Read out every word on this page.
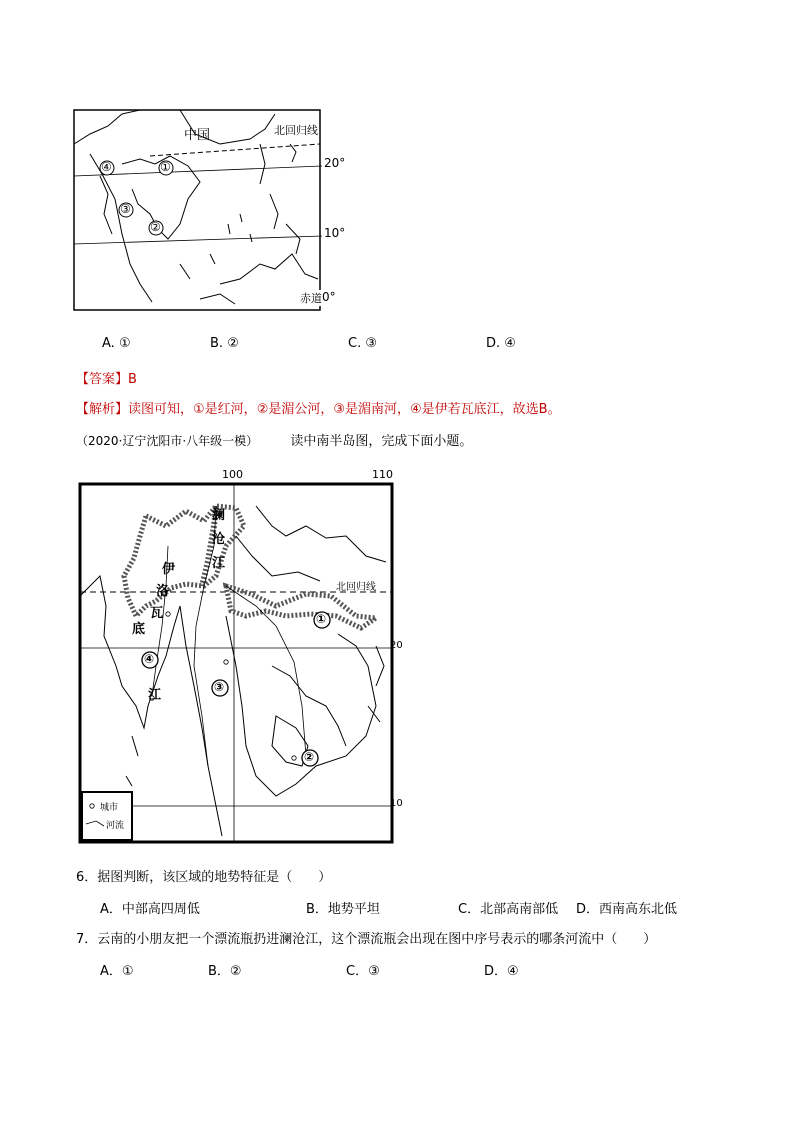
中国	北回归线
赤道
20°
10°
0°
①
②
③
④
A. ①	B. ②	C. ③	D. ④
【答案】B
【解析】读图可知，①是红河，②是湄公河，③是湄南河，④是伊若瓦底江，故选B。
（2020·辽宁沈阳市·八年级一模） 读中南半岛图，完成下面小题。
100	110
20
10
澜
沧
江
伊
洛
瓦
底
江
北回归线
①
②
③
④
城市
河流
6．据图判断，该区域的地势特征是（　　）
A．中部高四周低	B．地势平坦	C．北部高南部低 D．西南高东北低
7．云南的小朋友把一个漂流瓶扔进澜沧江，这个漂流瓶会出现在图中序号表示的哪条河流中（　　）
A．①	B．②	C．③	D．④
